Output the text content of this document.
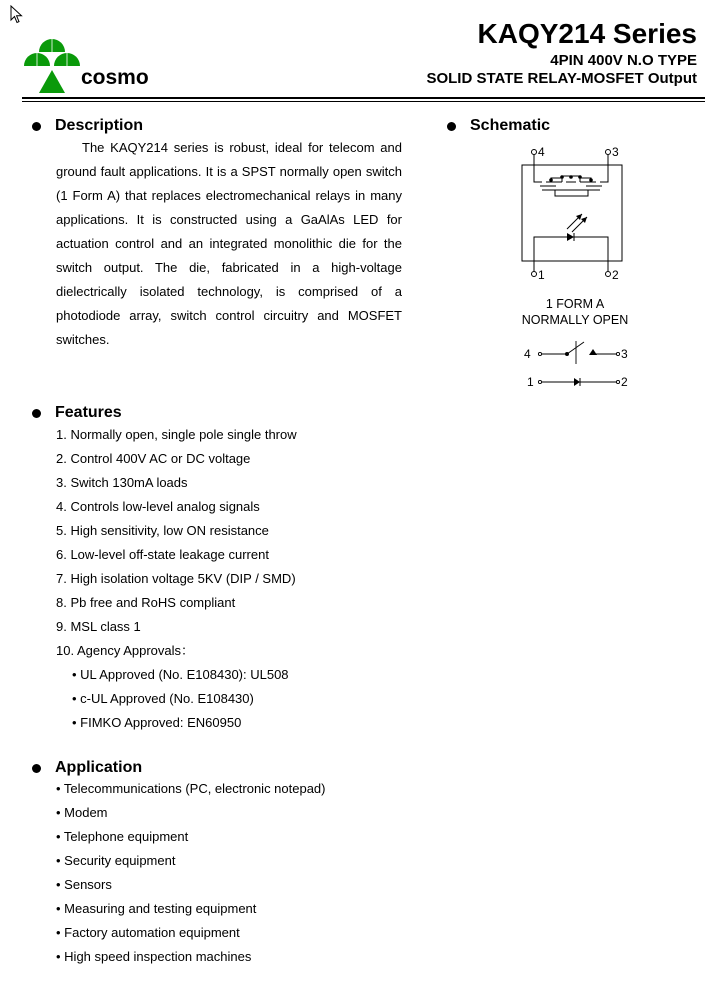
cosmo
KAQY214 Series
4PIN 400V N.O TYPE
SOLID STATE RELAY-MOSFET Output
Description
The KAQY214 series is robust, ideal for telecom and ground fault applications. It is a SPST normally open switch (1 Form A) that replaces electromechanical relays in many applications. It is constructed using a GaAlAs LED for actuation control and an integrated monolithic die for the switch output. The die, fabricated in a high-voltage dielectrically isolated technology, is comprised of a photodiode array, switch control circuitry and MOSFET switches.
Schematic
4	3
1	2
1 FORM A
NORMALLY OPEN
4	3
1	2
Features
1. Normally open, single pole single throw
2. Control 400V AC or DC voltage
3. Switch 130mA loads
4. Controls low-level analog signals
5. High sensitivity, low ON resistance
6. Low-level off-state leakage current
7. High isolation voltage 5KV (DIP / SMD)
8. Pb free and RoHS compliant
9. MSL class 1
10. Agency Approvals：
• UL Approved (No. E108430): UL508
• c-UL Approved (No. E108430)
• FIMKO Approved: EN60950
Application
• Telecommunications (PC, electronic notepad)
• Modem
• Telephone equipment
• Security equipment
• Sensors
• Measuring and testing equipment
• Factory automation equipment
• High speed inspection machines
